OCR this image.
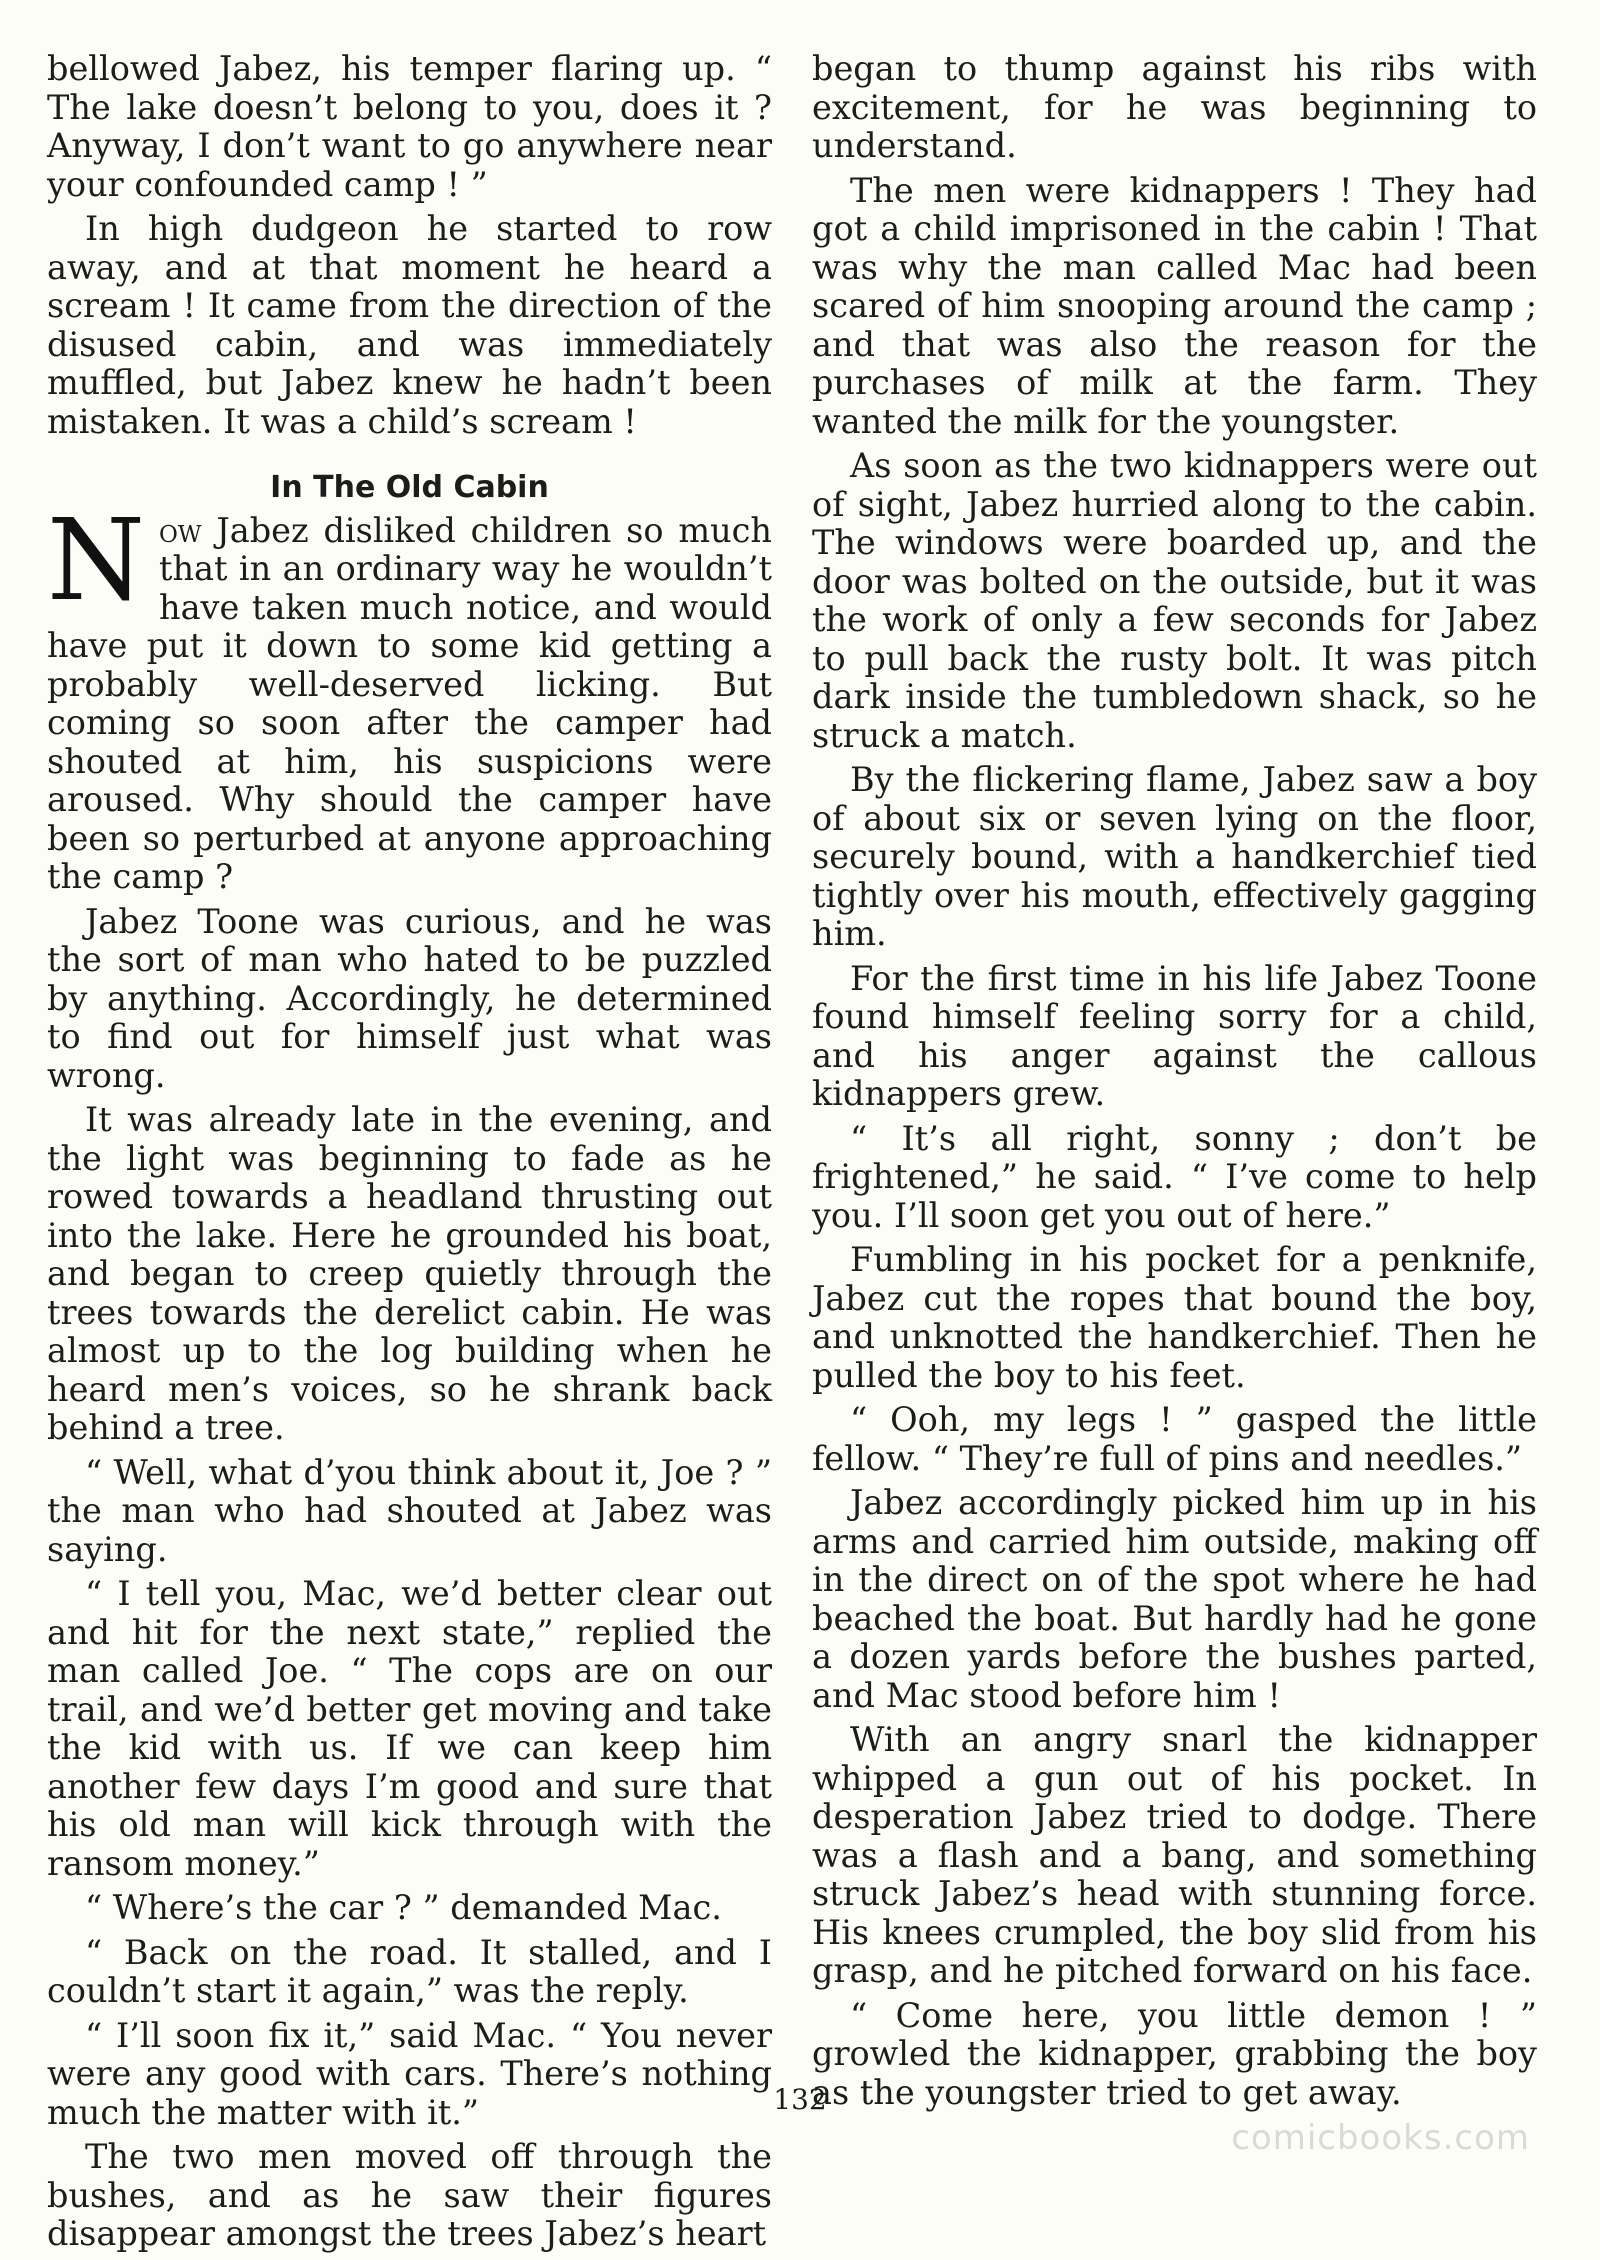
bellowed Jabez, his temper flaring up. “ The lake doesn’t belong to you, does it ? Anyway, I don’t want to go anywhere near your confounded camp ! ”

In high dudgeon he started to row away, and at that moment he heard a scream ! It came from the direction of the disused cabin, and was immediately muffled, but Jabez knew he hadn’t been mistaken. It was a child’s scream !

In The Old Cabin

Now Jabez disliked children so much that in an ordinary way he wouldn’t have taken much notice, and would have put it down to some kid getting a probably well-deserved licking. But coming so soon after the camper had shouted at him, his suspicions were aroused. Why should the camper have been so perturbed at anyone approaching the camp ?

Jabez Toone was curious, and he was the sort of man who hated to be puzzled by anything. Accordingly, he determined to find out for himself just what was wrong.

It was already late in the evening, and the light was beginning to fade as he rowed towards a headland thrusting out into the lake. Here he grounded his boat, and began to creep quietly through the trees towards the derelict cabin. He was almost up to the log building when he heard men’s voices, so he shrank back behind a tree.

“ Well, what d’you think about it, Joe ? ” the man who had shouted at Jabez was saying.

“ I tell you, Mac, we’d better clear out and hit for the next state,” replied the man called Joe. “ The cops are on our trail, and we’d better get moving and take the kid with us. If we can keep him another few days I’m good and sure that his old man will kick through with the ransom money.”

“ Where’s the car ? ” demanded Mac.

“ Back on the road. It stalled, and I couldn’t start it again,” was the reply.

“ I’ll soon fix it,” said Mac. “ You never were any good with cars. There’s nothing much the matter with it.”

The two men moved off through the bushes, and as he saw their figures disappear amongst the trees Jabez’s heart

began to thump against his ribs with excitement, for he was beginning to understand.

The men were kidnappers ! They had got a child imprisoned in the cabin ! That was why the man called Mac had been scared of him snooping around the camp ; and that was also the reason for the purchases of milk at the farm. They wanted the milk for the youngster.

As soon as the two kidnappers were out of sight, Jabez hurried along to the cabin. The windows were boarded up, and the door was bolted on the outside, but it was the work of only a few seconds for Jabez to pull back the rusty bolt. It was pitch dark inside the tumbledown shack, so he struck a match.

By the flickering flame, Jabez saw a boy of about six or seven lying on the floor, securely bound, with a handkerchief tied tightly over his mouth, effectively gagging him.

For the first time in his life Jabez Toone found himself feeling sorry for a child, and his anger against the callous kidnappers grew.

“ It’s all right, sonny ; don’t be frightened,” he said. “ I’ve come to help you. I’ll soon get you out of here.”

Fumbling in his pocket for a penknife, Jabez cut the ropes that bound the boy, and unknotted the handkerchief. Then he pulled the boy to his feet.

“ Ooh, my legs ! ” gasped the little fellow. “ They’re full of pins and needles.”

Jabez accordingly picked him up in his arms and carried him outside, making off in the direct on of the spot where he had beached the boat. But hardly had he gone a dozen yards before the bushes parted, and Mac stood before him !

With an angry snarl the kidnapper whipped a gun out of his pocket. In desperation Jabez tried to dodge. There was a flash and a bang, and something struck Jabez’s head with stunning force. His knees crumpled, the boy slid from his grasp, and he pitched forward on his face.

“ Come here, you little demon ! ” growled the kidnapper, grabbing the boy as the youngster tried to get away.

132
comicbooks.com
